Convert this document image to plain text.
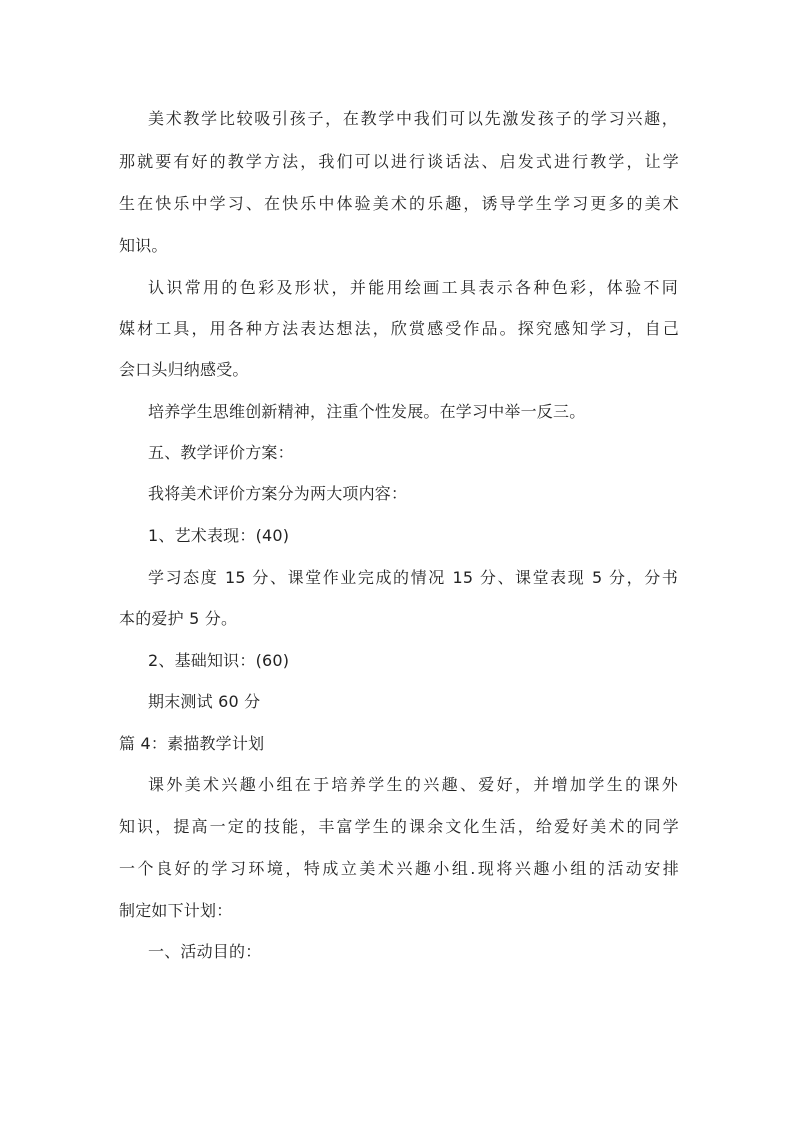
美术教学比较吸引孩子，在教学中我们可以先激发孩子的学习兴趣，
那就要有好的教学方法，我们可以进行谈话法、启发式进行教学，让学
生在快乐中学习、在快乐中体验美术的乐趣，诱导学生学习更多的美术
知识。
认识常用的色彩及形状，并能用绘画工具表示各种色彩，体验不同
媒材工具，用各种方法表达想法，欣赏感受作品。探究感知学习，自己
会口头归纳感受。
培养学生思维创新精神，注重个性发展。在学习中举一反三。
五、教学评价方案：
我将美术评价方案分为两大项内容：
1、艺术表现：(40)
学习态度 15 分、课堂作业完成的情况 15 分、课堂表现 5 分，分书
本的爱护 5 分。
2、基础知识：(60)
期末测试 60 分
篇 4：素描教学计划
课外美术兴趣小组在于培养学生的兴趣、爱好，并增加学生的课外
知识，提高一定的技能，丰富学生的课余文化生活，给爱好美术的同学
一个良好的学习环境，特成立美术兴趣小组.现将兴趣小组的活动安排
制定如下计划：
一、活动目的：
